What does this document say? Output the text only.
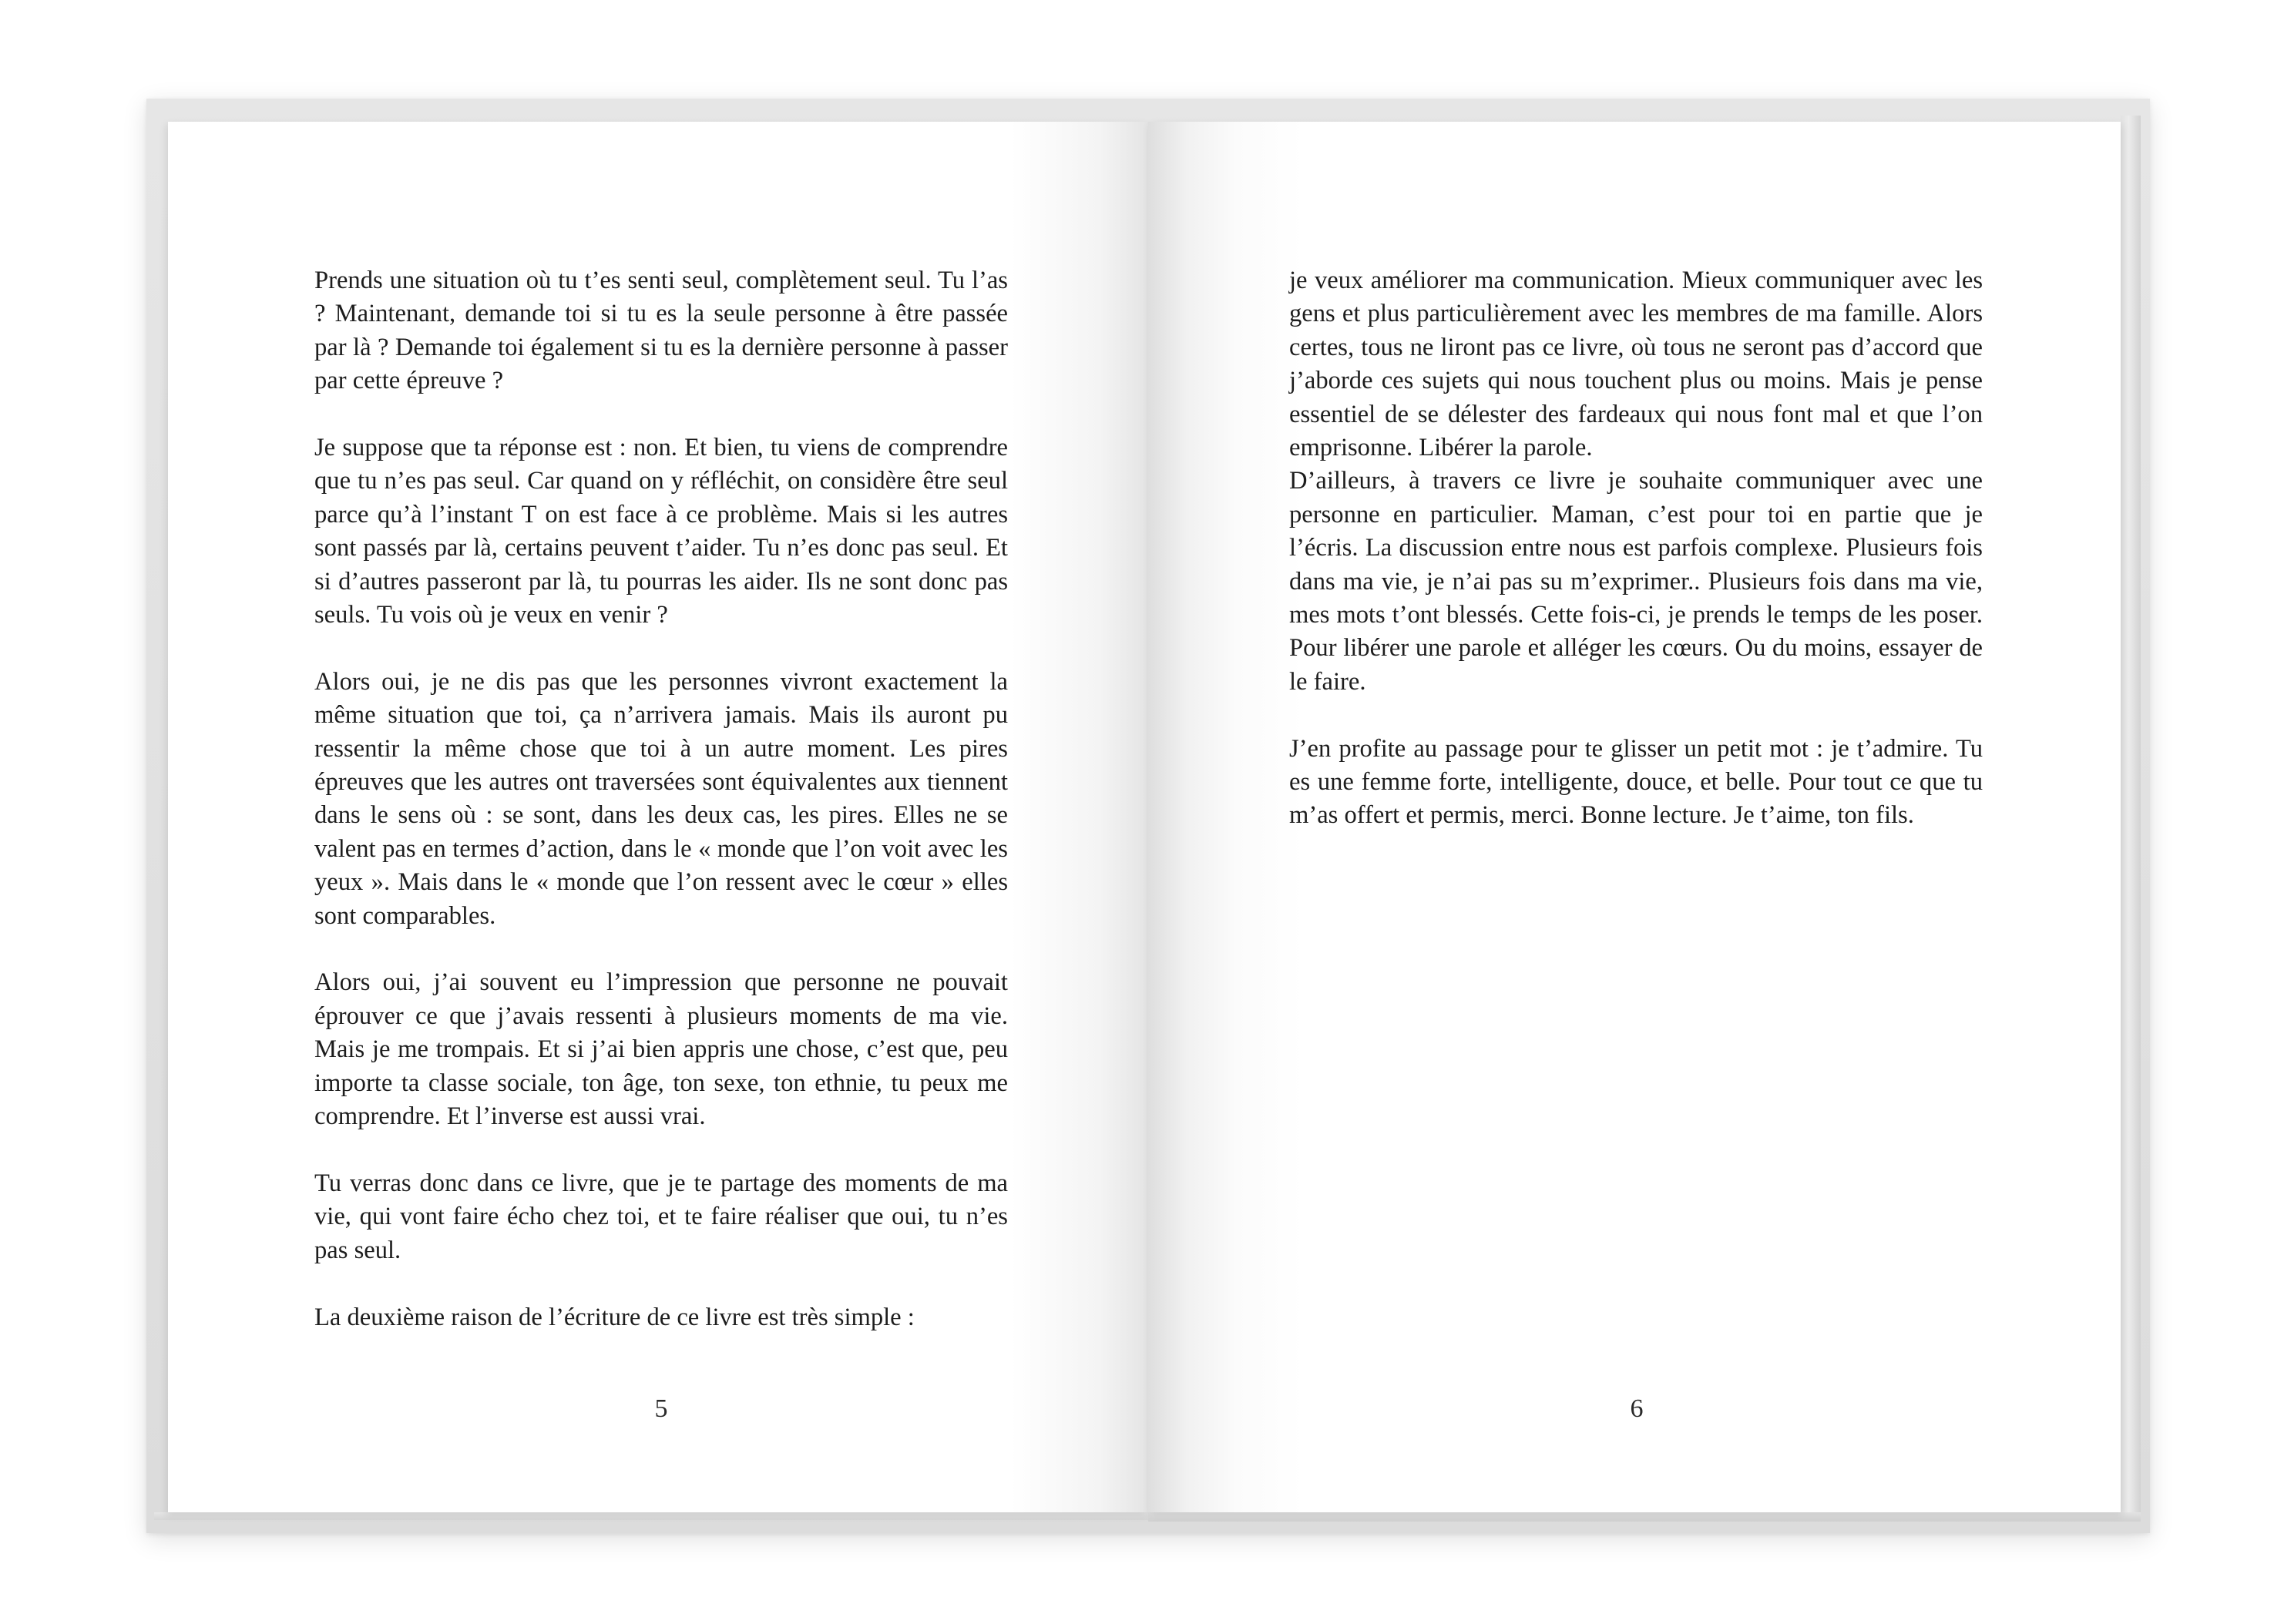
Prends une situation où tu t’es senti seul, complètement seul. Tu l’as ? Maintenant, demande toi si tu es la seule personne à être passée par là ? Demande toi également si tu es la dernière personne à passer par cette épreuve ?

Je suppose que ta réponse est : non. Et bien, tu viens de comprendre que tu n’es pas seul. Car quand on y réfléchit, on considère être seul parce qu’à l’instant T on est face à ce problème. Mais si les autres sont passés par là, certains peuvent t’aider. Tu n’es donc pas seul. Et si d’autres passeront par là, tu pourras les aider. Ils ne sont donc pas seuls. Tu vois où je veux en venir ?

Alors oui, je ne dis pas que les personnes vivront exactement la même situation que toi, ça n’arrivera jamais. Mais ils auront pu ressentir la même chose que toi à un autre moment. Les pires épreuves que les autres ont traversées sont équivalentes aux tiennent dans le sens où : se sont, dans les deux cas, les pires. Elles ne se valent pas en termes d’action, dans le « monde que l’on voit avec les yeux ». Mais dans le « monde que l’on ressent avec le cœur » elles sont comparables.

Alors oui, j’ai souvent eu l’impression que personne ne pouvait éprouver ce que j’avais ressenti à plusieurs moments de ma vie. Mais je me trompais. Et si j’ai bien appris une chose, c’est que, peu importe ta classe sociale, ton âge, ton sexe, ton ethnie, tu peux me comprendre. Et l’inverse est aussi vrai.

Tu verras donc dans ce livre, que je te partage des moments de ma vie, qui vont faire écho chez toi, et te faire réaliser que oui, tu n’es pas seul.

La deuxième raison de l’écriture de ce livre est très simple :

je veux améliorer ma communication. Mieux communiquer avec les gens et plus particulièrement avec les membres de ma famille. Alors certes, tous ne liront pas ce livre, où tous ne seront pas d’accord que j’aborde ces sujets qui nous touchent plus ou moins. Mais je pense essentiel de se délester des fardeaux qui nous font mal et que l’on emprisonne. Libérer la parole.

D’ailleurs, à travers ce livre je souhaite communiquer avec une personne en particulier. Maman, c’est pour toi en partie que je l’écris. La discussion entre nous est parfois complexe. Plusieurs fois dans ma vie, je n’ai pas su m’exprimer.. Plusieurs fois dans ma vie, mes mots t’ont blessés. Cette fois-ci, je prends le temps de les poser. Pour libérer une parole et alléger les cœurs. Ou du moins, essayer de le faire.

J’en profite au passage pour te glisser un petit mot : je t’admire. Tu es une femme forte, intelligente, douce, et belle. Pour tout ce que tu m’as offert et permis, merci. Bonne lecture. Je t’aime, ton fils.

5	6
